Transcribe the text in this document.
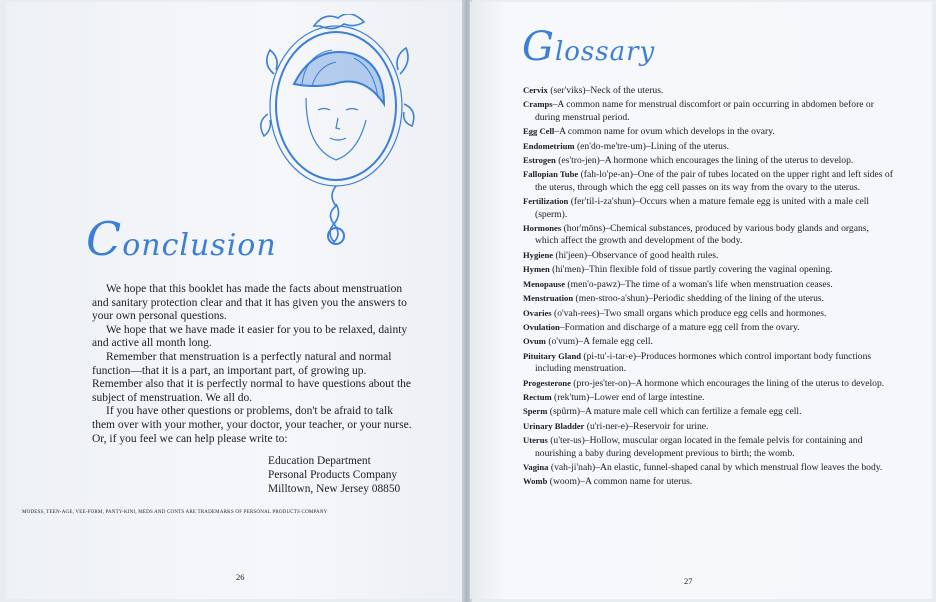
Conclusion

We hope that this booklet has made the facts about menstruation and sanitary protection clear and that it has given you the answers to your own personal questions.

We hope that we have made it easier for you to be relaxed, dainty and active all month long.

Remember that menstruation is a perfectly natural and normal function—that it is a part, an important part, of growing up. Remember also that it is perfectly normal to have questions about the subject of menstruation. We all do.

If you have other questions or problems, don't be afraid to talk them over with your mother, your doctor, your teacher, or your nurse. Or, if you feel we can help please write to:

Education Department
Personal Products Company
Milltown, New Jersey 08850
MODESS, TEEN-AGE, VEE-FORM, PANTY-KINI, MEDS AND CONTS ARE TRADEMARKS OF PERSONAL PRODUCTS COMPANY
26
Glossary
Cervix (ser'viks)–Neck of the uterus.
Cramps–A common name for menstrual discomfort or pain occurring in abdomen before or during menstrual period.
Egg Cell–A common name for ovum which develops in the ovary.
Endometrium (en'do-me'tre-um)–Lining of the uterus.
Estrogen (es'tro-jen)–A hormone which encourages the lining of the uterus to develop.
Fallopian Tube (fah-lo'pe-an)–One of the pair of tubes located on the upper right and left sides of the uterus, through which the egg cell passes on its way from the ovary to the uterus.
Fertilization (fer'til-i-za'shun)–Occurs when a mature female egg is united with a male cell (sperm).
Hormones (hor'mōns)–Chemical substances, produced by various body glands and organs, which affect the growth and development of the body.
Hygiene (hi'jeen)–Observance of good health rules.
Hymen (hi'men)–Thin flexible fold of tissue partly covering the vaginal opening.
Menopause (men'o-pawz)–The time of a woman's life when menstruation ceases.
Menstruation (men-stroo-a'shun)–Periodic shedding of the lining of the uterus.
Ovaries (o'vah-rees)–Two small organs which produce egg cells and hormones.
Ovulation–Formation and discharge of a mature egg cell from the ovary.
Ovum (o'vum)–A female egg cell.
Pituitary Gland (pi-tu'-i-tar-e)–Produces hormones which control important body functions including menstruation.
Progesterone (pro-jes'ter-on)–A hormone which encourages the lining of the uterus to develop.
Rectum (rek'tum)–Lower end of large intestine.
Sperm (spûrm)–A mature male cell which can fertilize a female egg cell.
Urinary Bladder (u'ri-ner-e)–Reservoir for urine.
Uterus (u'ter-us)–Hollow, muscular organ located in the female pelvis for containing and nourishing a baby during development previous to birth; the womb.
Vagina (vah-ji'nah)–An elastic, funnel-shaped canal by which menstrual flow leaves the body.
Womb (woom)–A common name for uterus.
27
